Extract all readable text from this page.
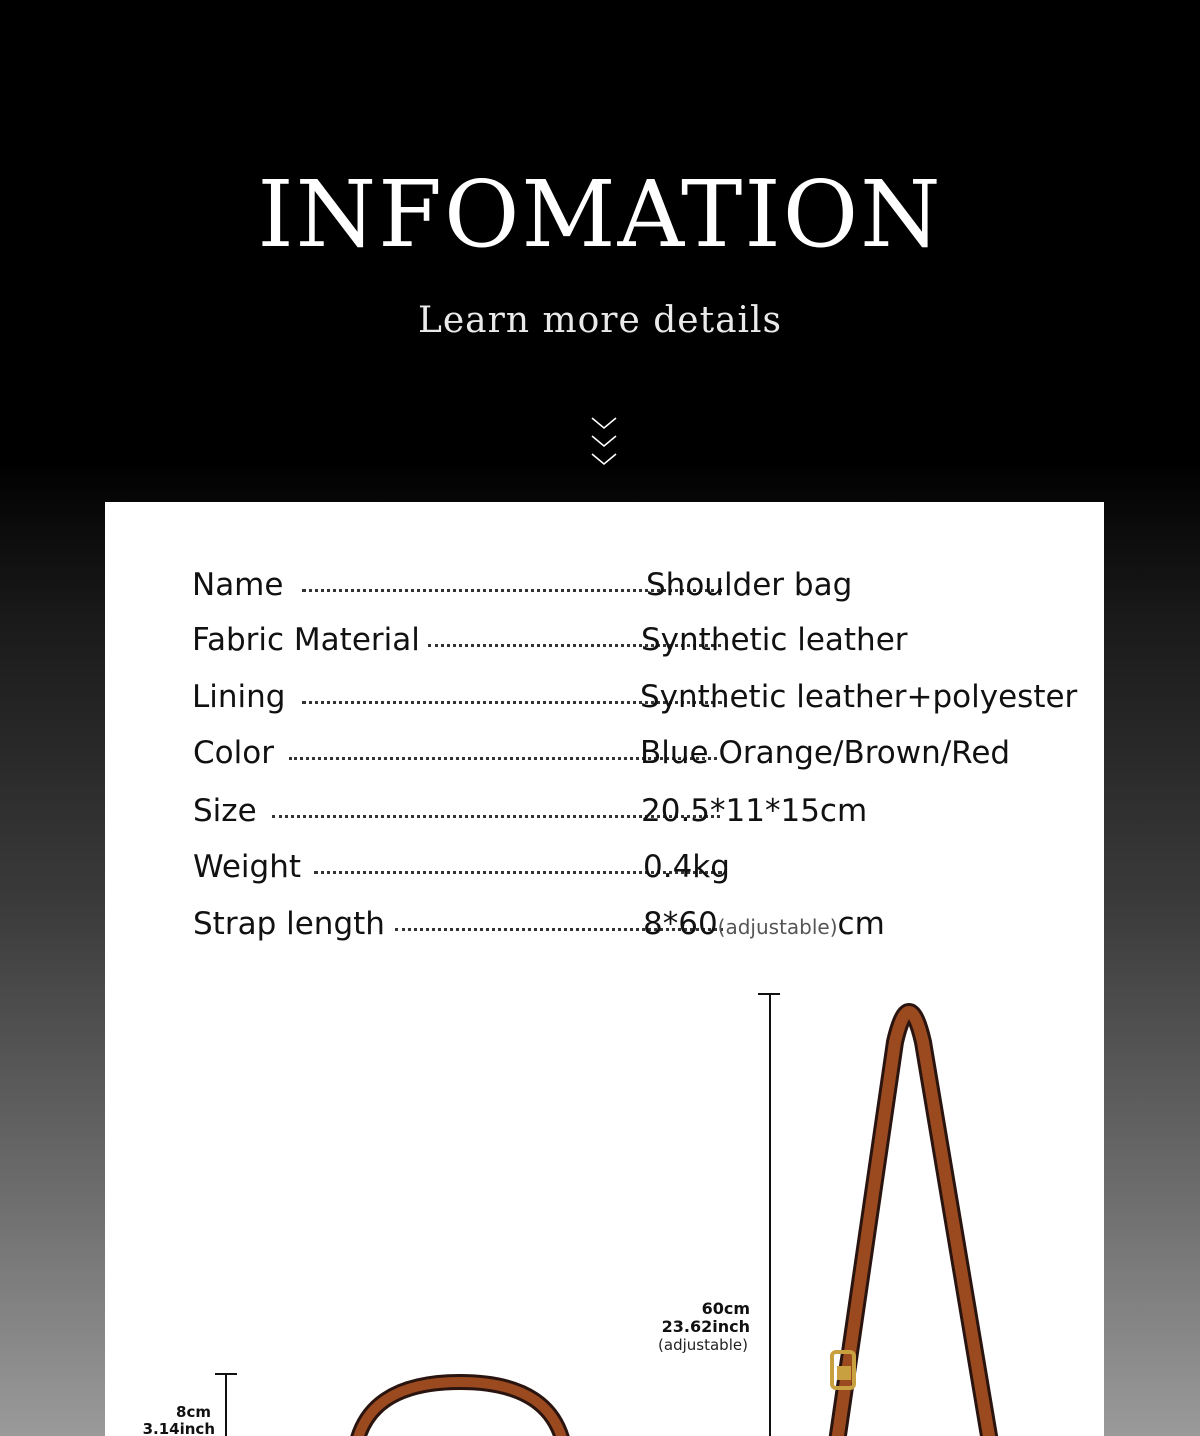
INFOMATION
Learn more details
Name	Shoulder bag
Fabric Material	Synthetic leather
Lining	Synthetic leather+polyester
Color	Blue Orange/Brown/Red
Size	20.5*11*15cm
Weight	0.4kg
Strap length	8*60(adjustable)cm
60cm
23.62inch
(adjustable)
8cm
3.14inch
